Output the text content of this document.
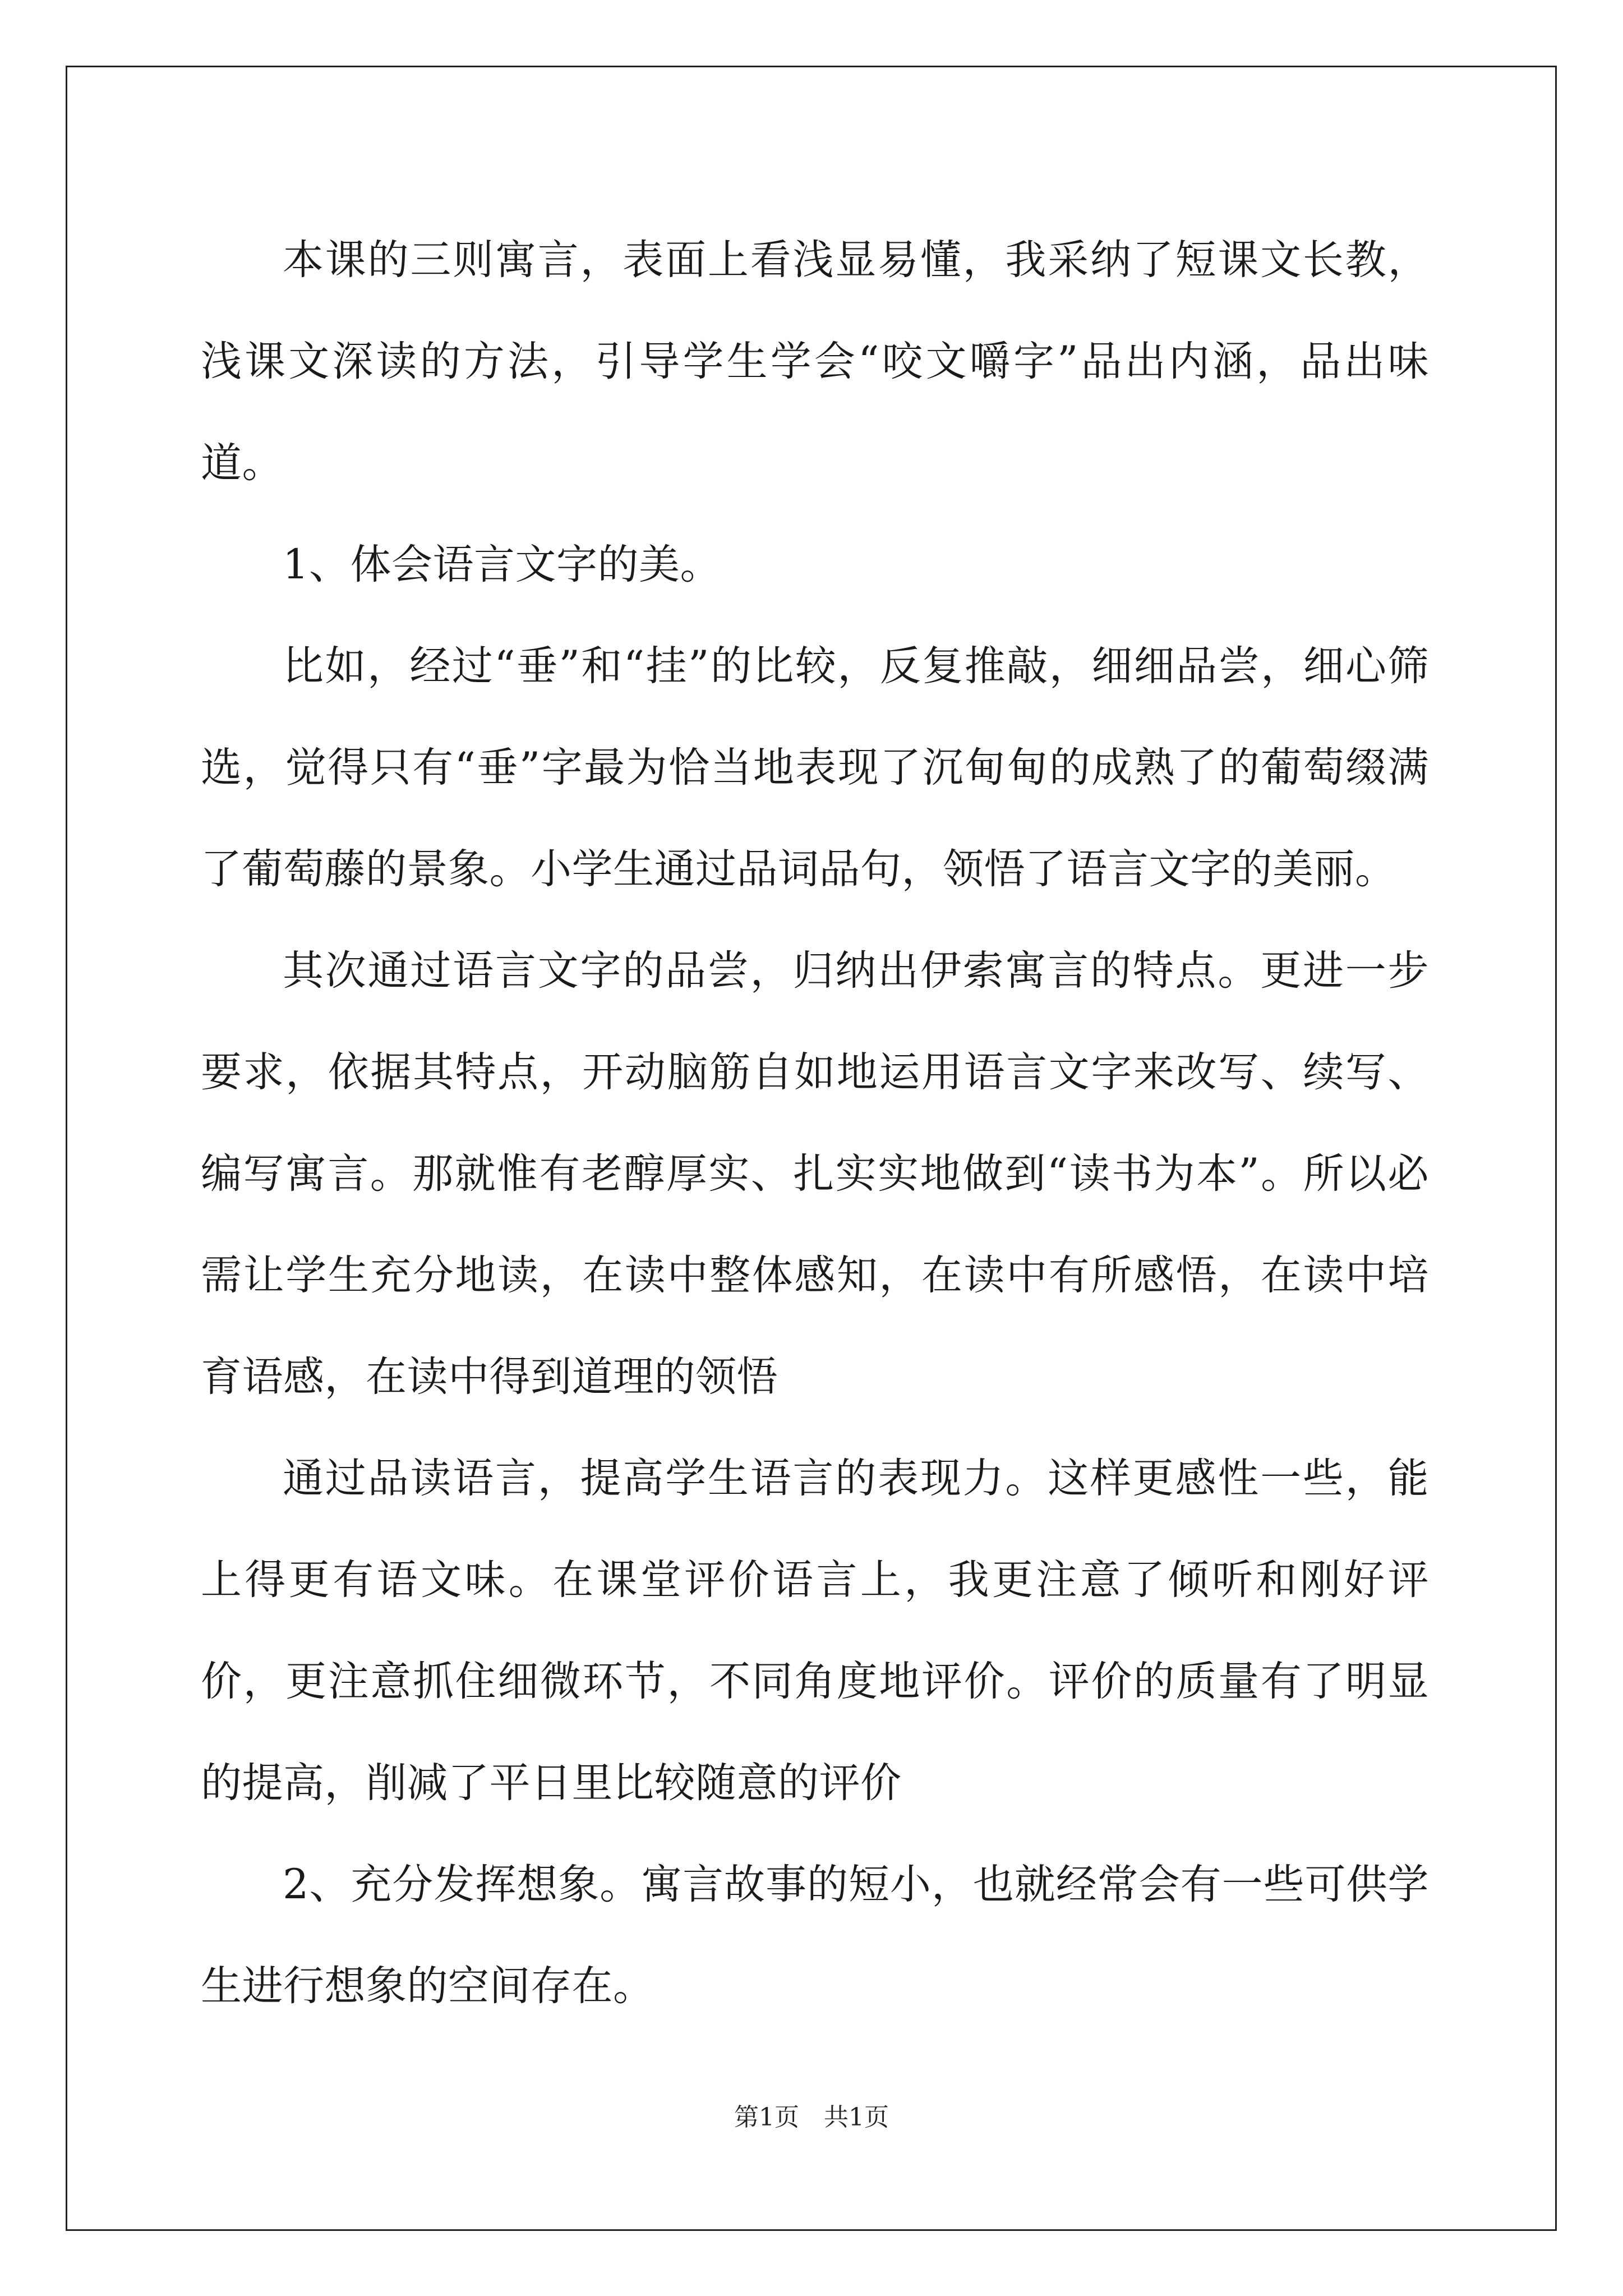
本课的三则寓言，表面上看浅显易懂，我采纳了短课文长教，浅课文深读的方法，引导学生学会“咬文嚼字”品出内涵，品出味道。

1、体会语言文字的美。

比如，经过“垂”和“挂”的比较，反复推敲，细细品尝，细心筛选，觉得只有“垂”字最为恰当地表现了沉甸甸的成熟了的葡萄缀满了葡萄藤的景象。小学生通过品词品句，领悟了语言文字的美丽。

其次通过语言文字的品尝，归纳出伊索寓言的特点。更进一步要求，依据其特点，开动脑筋自如地运用语言文字来改写、续写、编写寓言。那就惟有老醇厚实、扎实实地做到“读书为本”。所以必需让学生充分地读，在读中整体感知，在读中有所感悟，在读中培育语感，在读中得到道理的领悟

通过品读语言，提高学生语言的表现力。这样更感性一些，能上得更有语文味。在课堂评价语言上，我更注意了倾听和刚好评价，更注意抓住细微环节，不同角度地评价。评价的质量有了明显的提高，削减了平日里比较随意的评价

2、充分发挥想象。寓言故事的短小，也就经常会有一些可供学生进行想象的空间存在。

第1页　共1页
